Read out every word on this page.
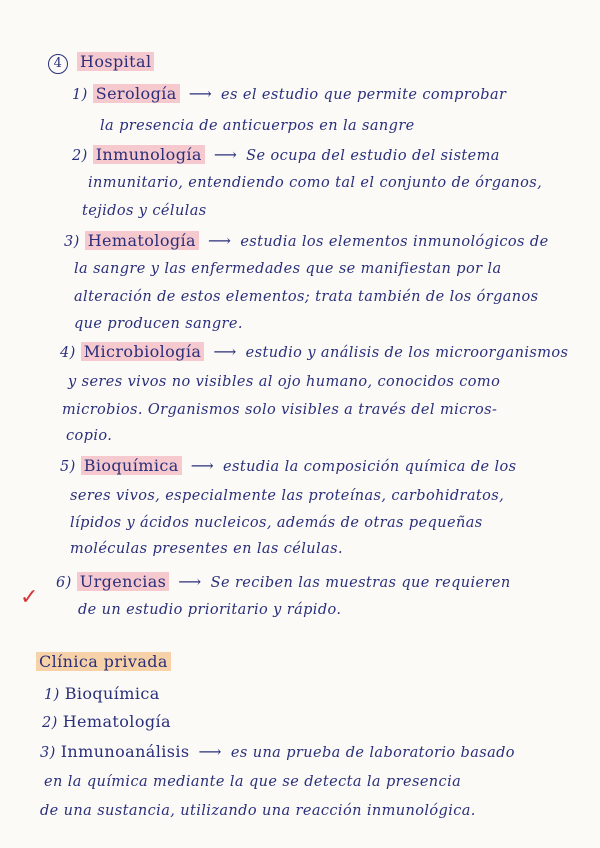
4 Hospital
1) Serología ⟶ es el estudio que permite comprobar
la presencia de anticuerpos en la sangre
2) Inmunología ⟶ Se ocupa del estudio del sistema
inmunitario, entendiendo como tal el conjunto de órganos,
tejidos y células
3) Hematología ⟶ estudia los elementos inmunológicos de
la sangre y las enfermedades que se manifiestan por la
alteración de estos elementos; trata también de los órganos
que producen sangre.
4) Microbiología ⟶ estudio y análisis de los microorganismos
y seres vivos no visibles al ojo humano, conocidos como
microbios. Organismos solo visibles a través del micros-
copio.
5) Bioquímica ⟶ estudia la composición química de los
seres vivos, especialmente las proteínas, carbohidratos,
lípidos y ácidos nucleicos, además de otras pequeñas
moléculas presentes en las células.
✓
6) Urgencias ⟶ Se reciben las muestras que requieren
de un estudio prioritario y rápido.
Clínica privada
1) Bioquímica
2) Hematología
3) Inmunoanálisis ⟶ es una prueba de laboratorio basado
en la química mediante la que se detecta la presencia
de una sustancia, utilizando una reacción inmunológica.
